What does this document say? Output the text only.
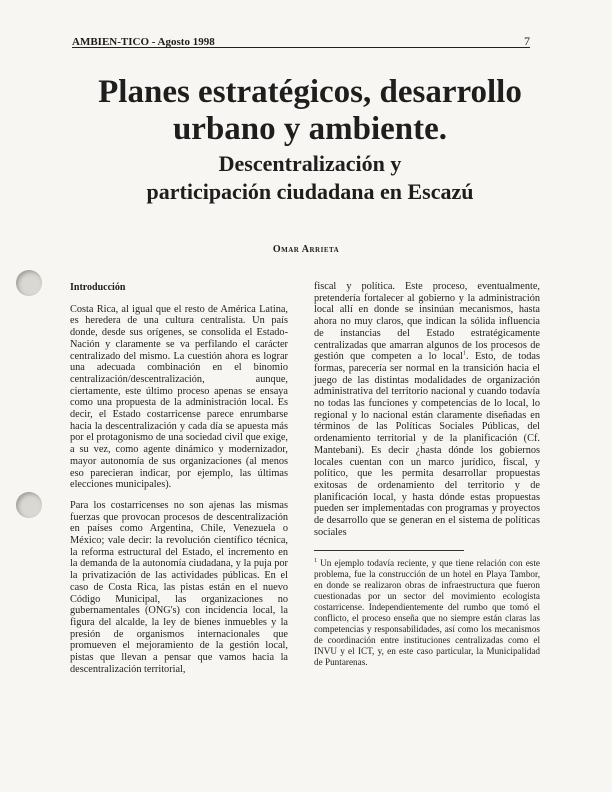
AMBIEN-TICO - Agosto 1998	7
Planes estratégicos, desarrollo urbano y ambiente.
Descentralización y
participación ciudadana en Escazú
Omar Arrieta
Introducción

Costa Rica, al igual que el resto de América Latina, es heredera de una cultura centralista. Un país donde, desde sus orígenes, se consolida el Estado-Nación y claramente se va perfilando el carácter centralizado del mismo. La cuestión ahora es lograr una adecuada combinación en el binomio centralización/descentralización, aunque, ciertamente, este último proceso apenas se ensaya como una propuesta de la administración local. Es decir, el Estado costarricense parece enrumbarse hacia la descentralización y cada día se apuesta más por el protagonismo de una sociedad civil que exige, a su vez, como agente dinámico y modernizador, mayor autonomía de sus organizaciones (al menos eso parecieran indicar, por ejemplo, las últimas elecciones municipales).

Para los costarricenses no son ajenas las mismas fuerzas que provocan procesos de descentralización en países como Argentina, Chile, Venezuela o México; vale decir: la revolución científico técnica, la reforma estructural del Estado, el incremento en la demanda de la autonomía ciudadana, y la puja por la privatización de las actividades públicas. En el caso de Costa Rica, las pistas están en el nuevo Código Municipal, las organizaciones no gubernamentales (ONG's) con incidencia local, la figura del alcalde, la ley de bienes inmuebles y la presión de organismos internacionales que promueven el mejoramiento de la gestión local, pistas que llevan a pensar que vamos hacia la descentralización territorial,

fiscal y política. Este proceso, eventualmente, pretendería fortalecer al gobierno y la administración local allí en donde se insinúan mecanismos, hasta ahora no muy claros, que indican la sólida influencia de instancias del Estado estratégicamente centralizadas que amarran algunos de los procesos de gestión que competen a lo local$^1$. Esto, de todas formas, parecería ser normal en la transición hacia el juego de las distintas modalidades de organización administrativa del territorio nacional y cuando todavía no todas las funciones y competencias de lo local, lo regional y lo nacional están claramente diseñadas en términos de las Políticas Sociales Públicas, del ordenamiento territorial y de la planificación (Cf. Mantebani). Es decir ¿hasta dónde los gobiernos locales cuentan con un marco jurídico, fiscal, y político, que les permita desarrollar propuestas exitosas de ordenamiento del territorio y de planificación local, y hasta dónde estas propuestas pueden ser implementadas con programas y proyectos de desarrollo que se generan en el sistema de políticas sociales

$^1$ Un ejemplo todavía reciente, y que tiene relación con este problema, fue la construcción de un hotel en Playa Tambor, en donde se realizaron obras de infraestructura que fueron cuestionadas por un sector del movimiento ecologista costarricense. Independientemente del rumbo que tomó el conflicto, el proceso enseña que no siempre están claras las competencias y responsabilidades, así como los mecanismos de coordinación entre instituciones centralizadas como el INVU y el ICT, y, en este caso particular, la Municipalidad de Puntarenas.
